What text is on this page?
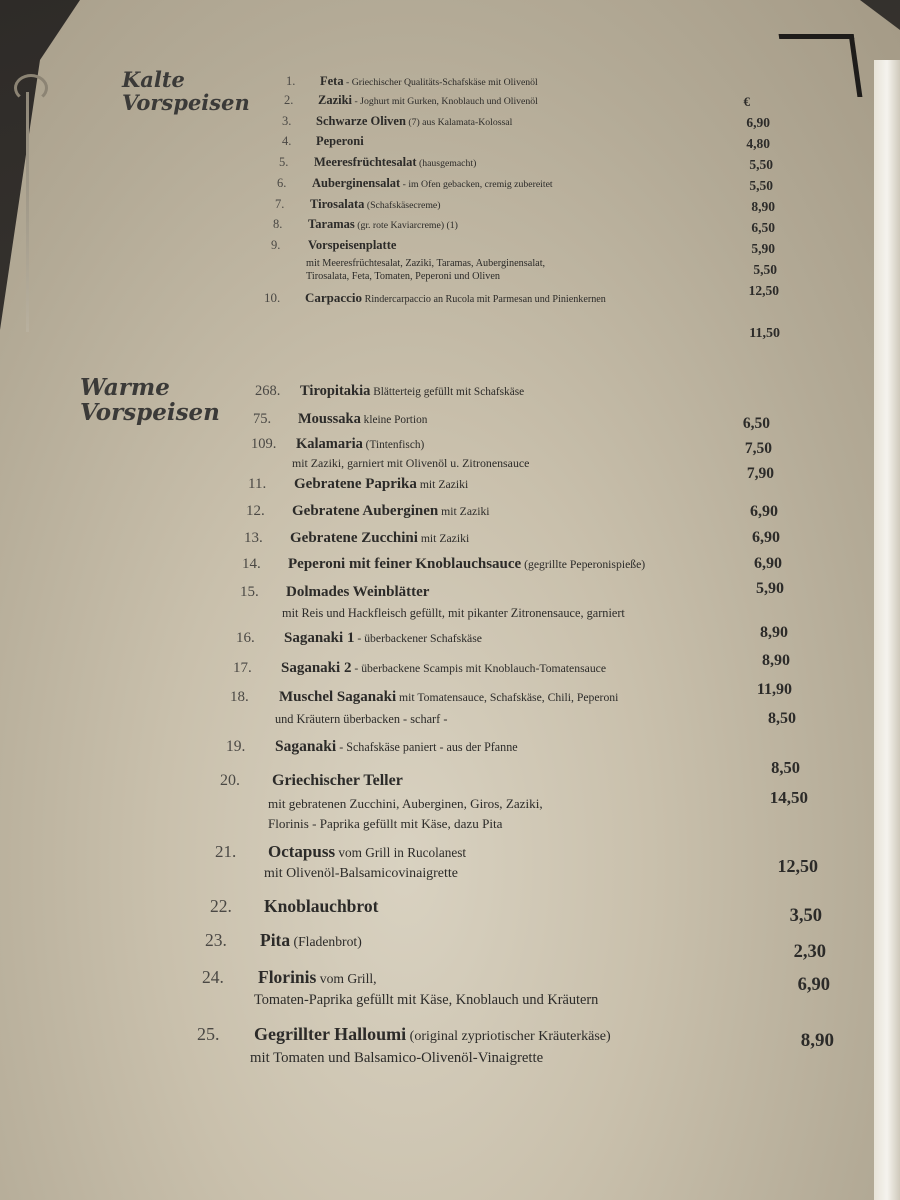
Kalte
Vorspeisen	€
Warme
Vorspeisen
1. Feta - Griechischer Qualitäts-Schafskäse mit Olivenöl
6,90
2. Zaziki - Joghurt mit Gurken, Knoblauch und Olivenöl
4,80
3. Schwarze Oliven (7) aus Kalamata-Kolossal
5,50
4. Peperoni
5,50
5. Meeresfrüchtesalat (hausgemacht)
8,90
6. Auberginensalat - im Ofen gebacken, cremig zubereitet
6,50
7. Tirosalata (Schafskäsecreme)
5,90
8. Taramas (gr. rote Kaviarcreme) (1)
5,50
9. Vorspeisenplatte
mit Meeresfrüchtesalat, Zaziki, Taramas, Auberginensalat,
Tirosalata, Feta, Tomaten, Peperoni und Oliven
12,50
10. Carpaccio Rindercarpaccio an Rucola mit Parmesan und Pinienkernen
11,50
268. Tiropitakia Blätterteig gefüllt mit Schafskäse
6,50
75. Moussaka kleine Portion
7,50
109. Kalamaria (Tintenfisch)
mit Zaziki, garniert mit Olivenöl u. Zitronensauce
7,90
11. Gebratene Paprika mit Zaziki
6,90
12. Gebratene Auberginen mit Zaziki
6,90
13. Gebratene Zucchini mit Zaziki
6,90
14. Peperoni mit feiner Knoblauchsauce (gegrillte Peperonispieße)
5,90
15. Dolmades Weinblätter
mit Reis und Hackfleisch gefüllt, mit pikanter Zitronensauce, garniert
8,90
16. Saganaki 1 - überbackener Schafskäse
8,90
17. Saganaki 2 - überbackene Scampis mit Knoblauch-Tomatensauce
11,90
18. Muschel Saganaki mit Tomatensauce, Schafskäse, Chili, Peperoni
und Kräutern überbacken - scharf -	8,50
19. Saganaki - Schafskäse paniert - aus der Pfanne
8,50
20. Griechischer Teller
mit gebratenen Zucchini, Auberginen, Giros, Zaziki,
Florinis - Paprika gefüllt mit Käse, dazu Pita
14,50
21. Octapuss vom Grill in Rucolanest
mit Olivenöl-Balsamicovinaigrette	12,50
22. Knoblauchbrot	3,50
23. Pita (Fladenbrot)
2,30
24. Florinis vom Grill,
Tomaten-Paprika gefüllt mit Käse, Knoblauch und Kräutern
6,90
25. Gegrillter Halloumi (original zypriotischer Kräuterkäse)
mit Tomaten und Balsamico-Olivenöl-Vinaigrette
8,90
